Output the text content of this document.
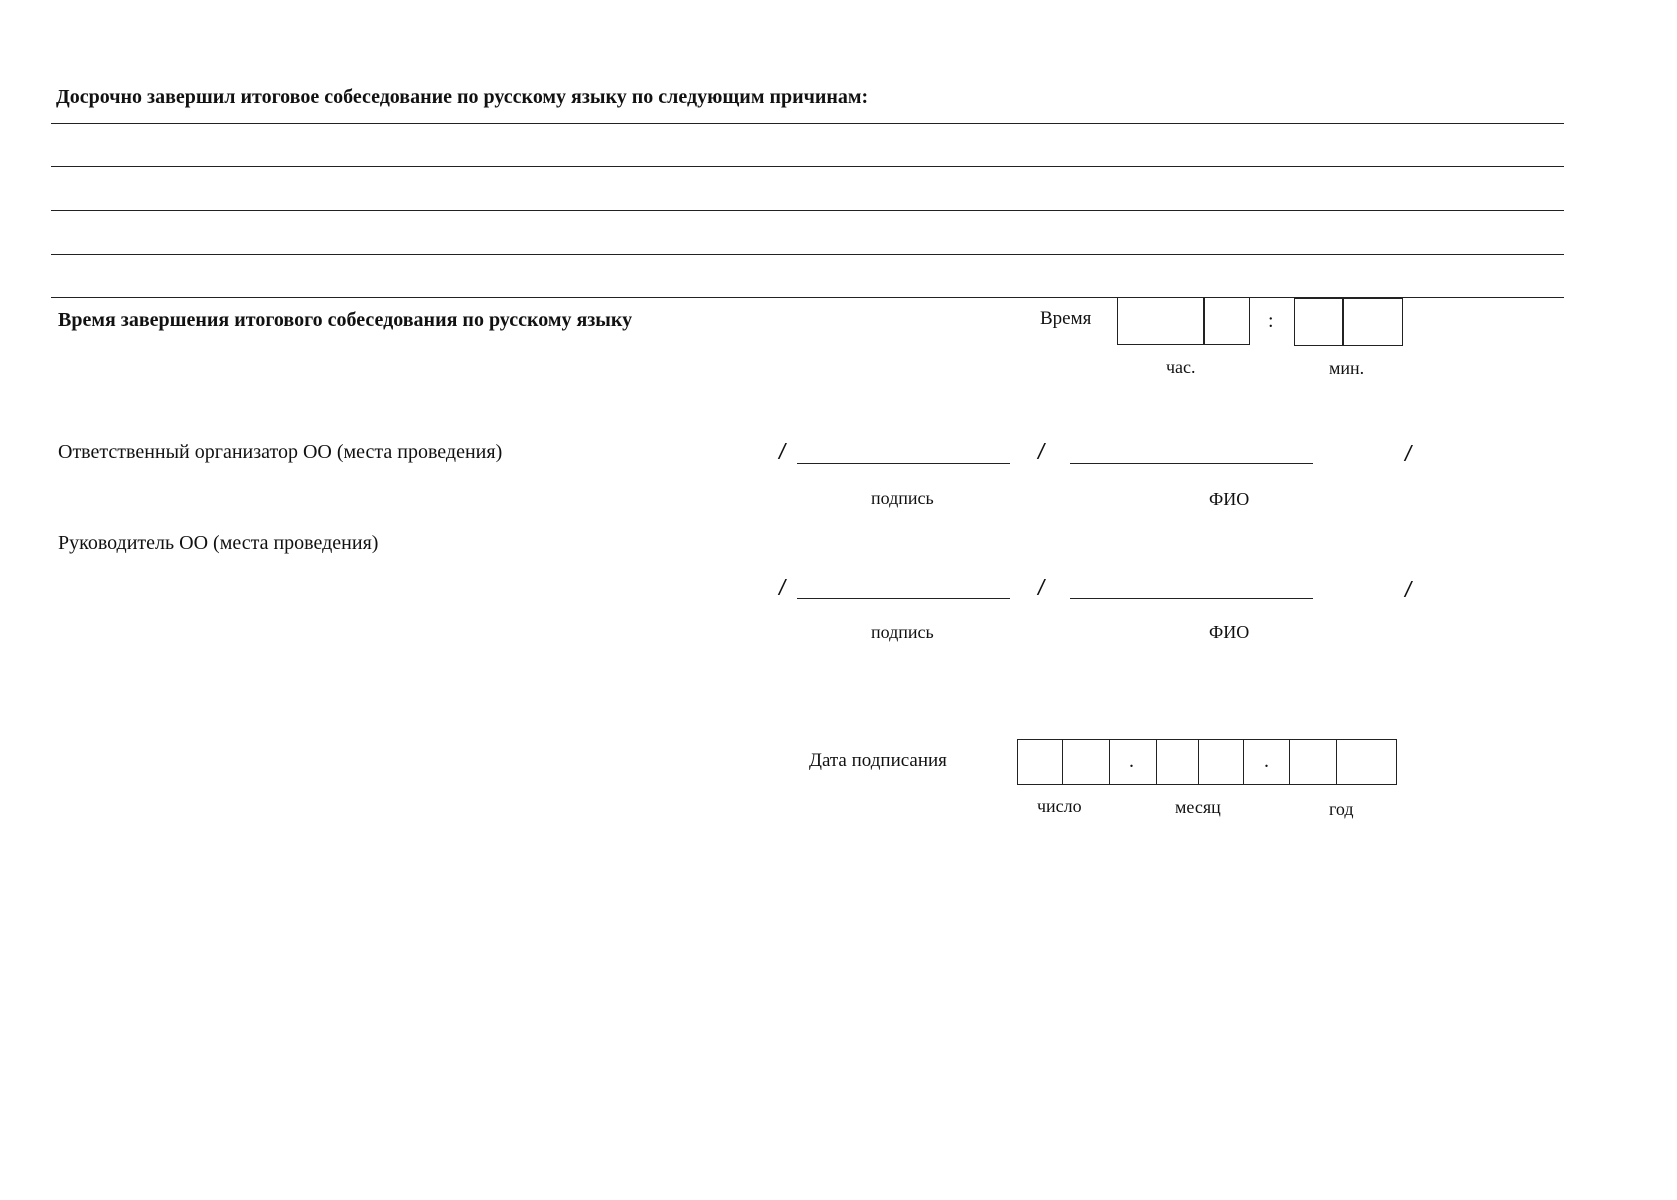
Досрочно завершил итоговое собеседование по русскому языку по следующим причинам:
Время завершения итогового собеседования по русскому языку	Время	:
час.	мин.
Ответственный организатор ОО (места проведения)	/	/	/
подпись	ФИО
Руководитель ОО (места проведения)
/	/	/
подпись	ФИО
Дата подписания	.	.
число	месяц	год
